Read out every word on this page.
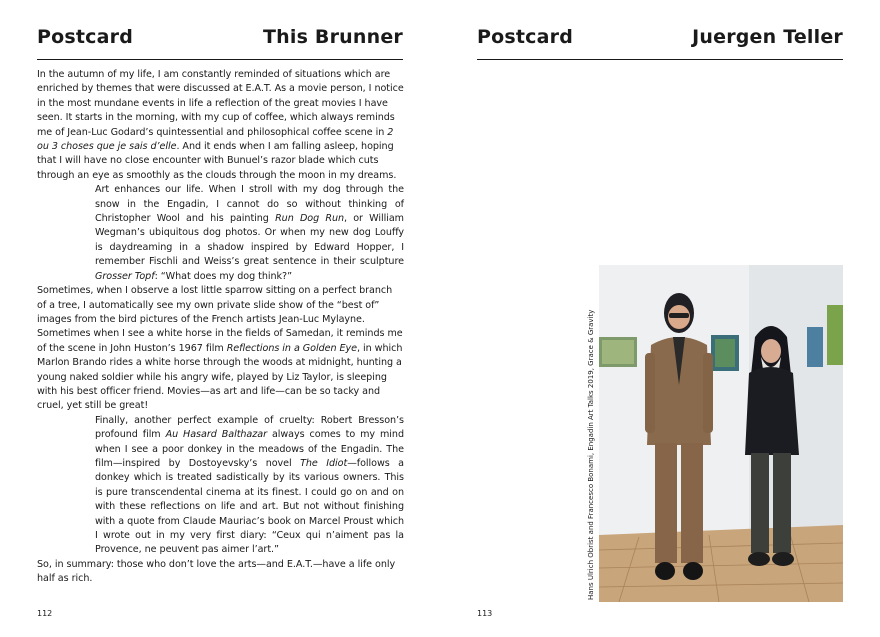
Postcard	This Brunner

In the autumn of my life, I am constantly reminded of situations which are enriched by themes that were discussed at E.A.T. As a movie person, I notice in the most mundane events in life a reflection of the great movies I have seen. It starts in the morning, with my cup of coffee, which always reminds me of Jean-Luc Godard’s quintessential and philosophical coffee scene in 2 ou 3 choses que je sais d’elle. And it ends when I am falling asleep, hoping that I will have no close encounter with Bunuel’s razor blade which cuts through an eye as smoothly as the clouds through the moon in my dreams.

Art enhances our life. When I stroll with my dog through the snow in the Engadin, I cannot do so without thinking of Christopher Wool and his painting Run Dog Run, or William Wegman’s ubiquitous dog photos. Or when my new dog Louffy is daydreaming in a shadow inspired by Edward Hopper, I remember Fischli and Weiss’s great sentence in their sculpture Grosser Topf: “What does my dog think?”

Sometimes, when I observe a lost little sparrow sitting on a perfect branch of a tree, I automatically see my own private slide show of the “best of” images from the bird pictures of the French artists Jean-Luc Mylayne. Sometimes when I see a white horse in the fields of Samedan, it reminds me of the scene in John Huston’s 1967 film Reflections in a Golden Eye, in which Marlon Brando rides a white horse through the woods at midnight, hunting a young naked soldier while his angry wife, played by Liz Taylor, is sleeping with his best officer friend. Movies—as art and life—can be so tacky and cruel, yet still be great!

Finally, another perfect example of cruelty: Robert Bresson’s profound film Au Hasard Balthazar always comes to my mind when I see a poor donkey in the meadows of the Engadin. The film—inspired by Dostoyevsky’s novel The Idiot—follows a donkey which is treated sadistically by its various owners. This is pure transcendental cinema at its finest. I could go on and on with these reflections on life and art. But not without finishing with a quote from Claude Mauriac’s book on Marcel Proust which I wrote out in my very first diary: “Ceux qui n’aiment pas la Provence, ne peuvent pas aimer l’art.”

So, in summary: those who don’t love the arts—and E.A.T.—have a life only half as rich.

112
Postcard	Juergen Teller
Hans Ulrich Obrist and Francesco Bonami, Engadin Art Talks 2019, Grace & Gravity
113
